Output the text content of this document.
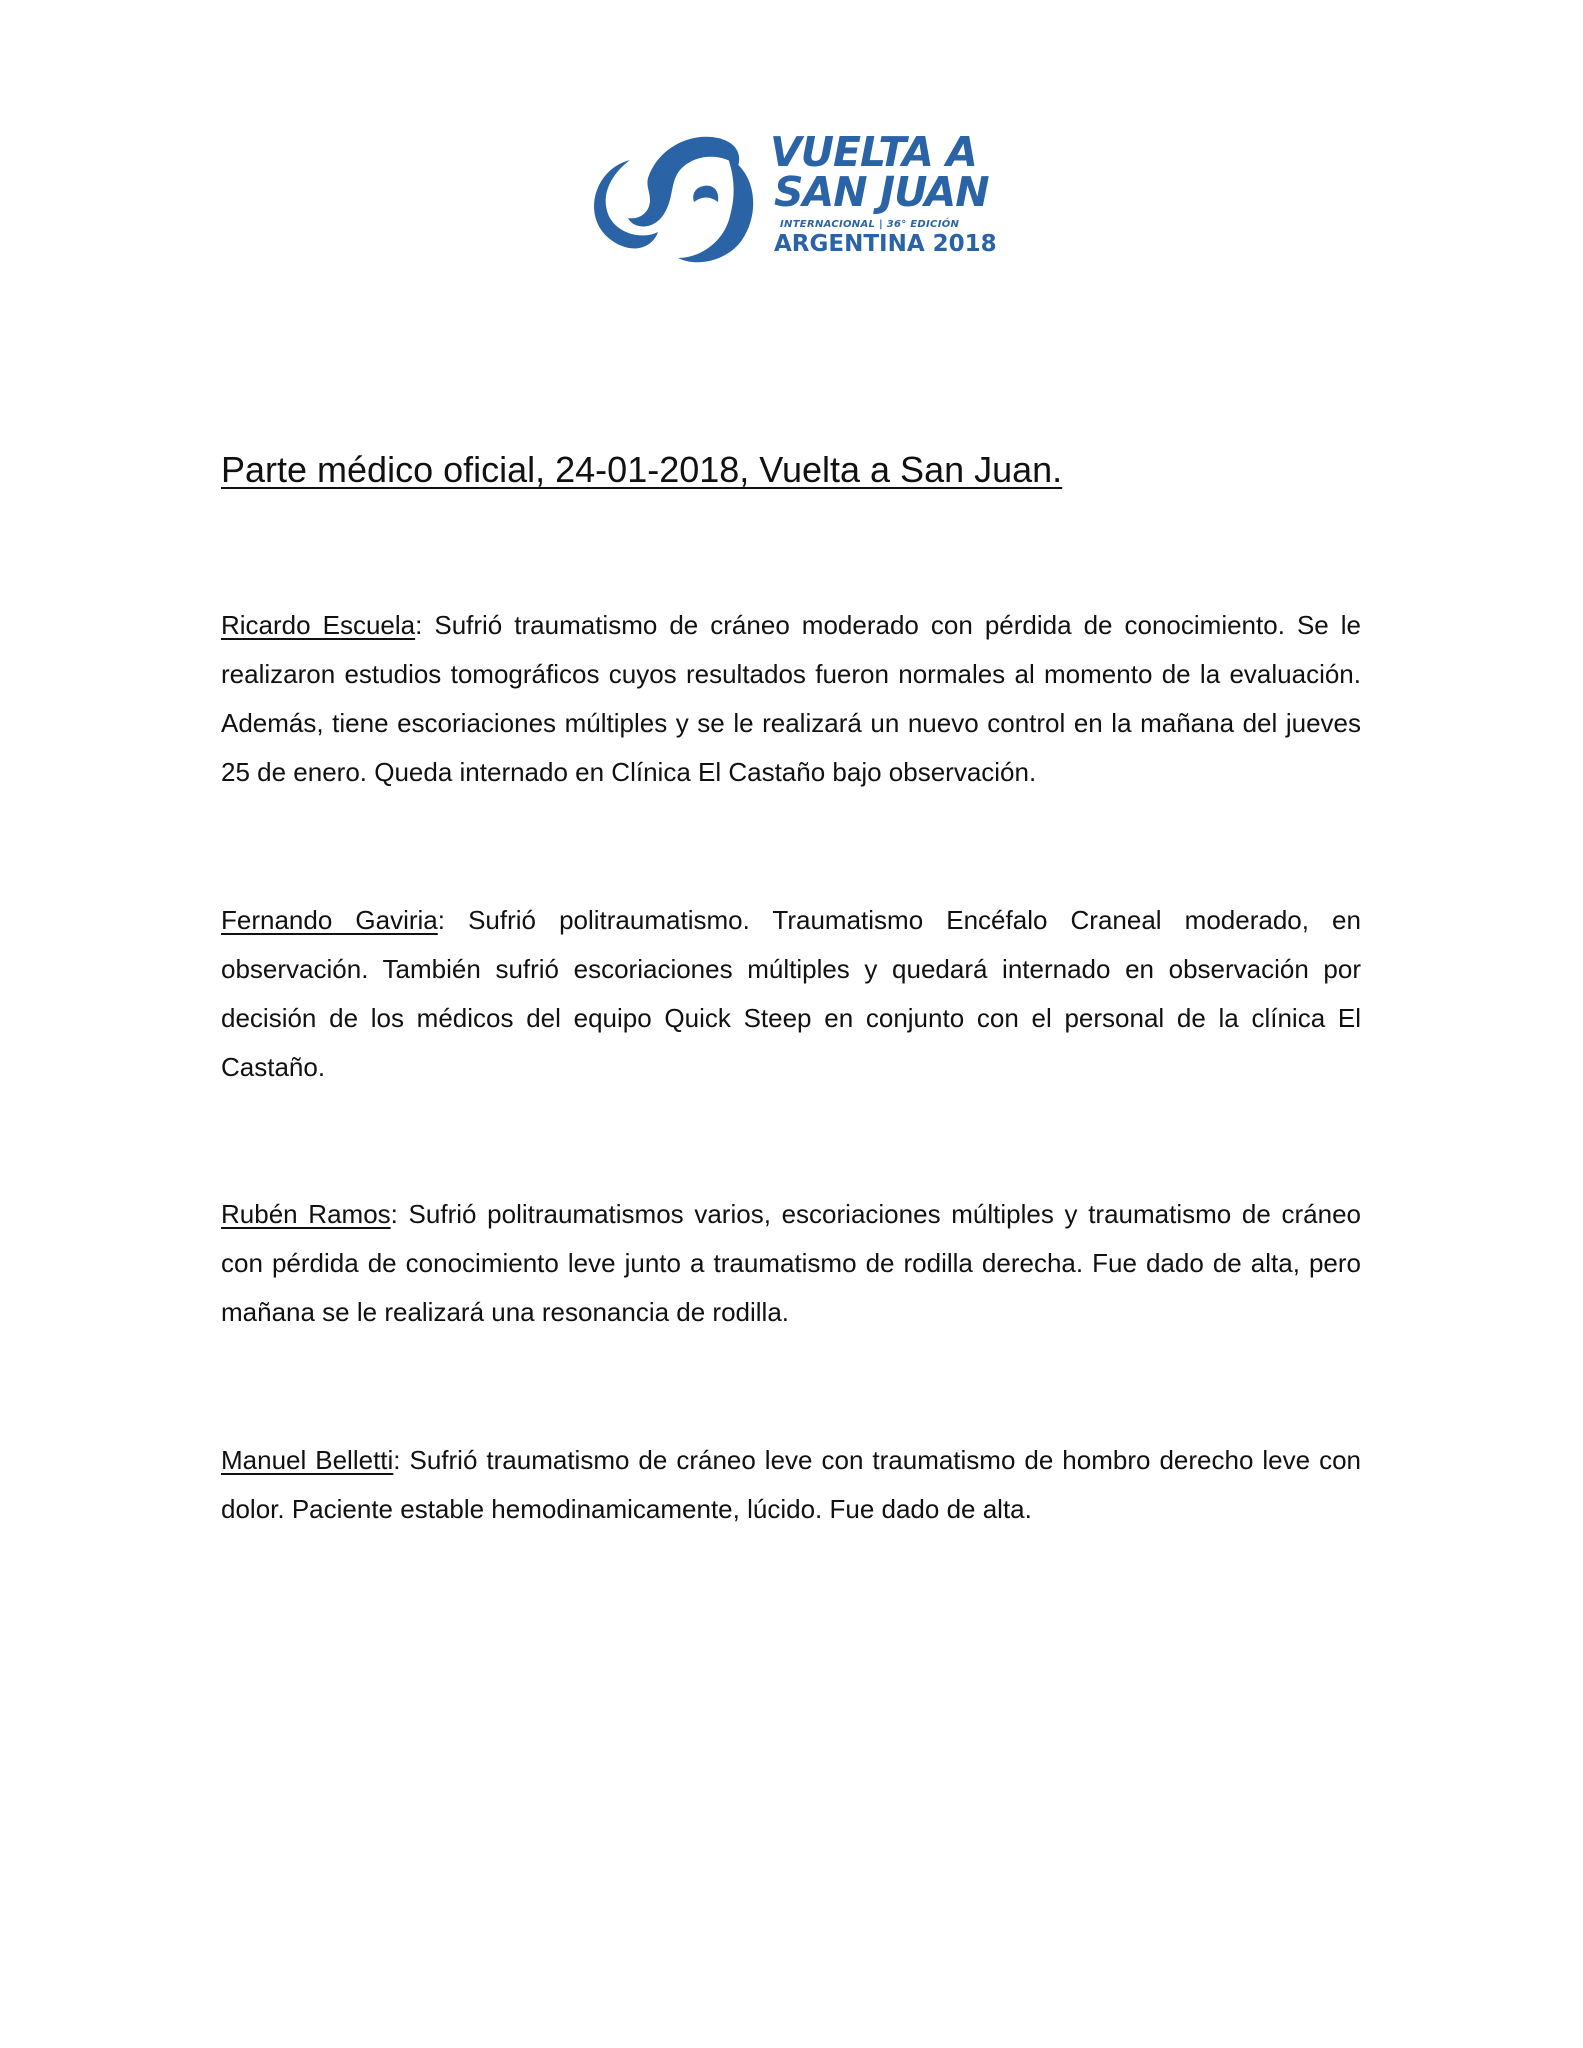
VUELTA A
SAN JUAN
INTERNACIONAL | 36° EDICIÓN
ARGENTINA 2018
Parte médico oficial, 24-01-2018, Vuelta a San Juan.

Ricardo Escuela: Sufrió traumatismo de cráneo moderado con pérdida de conocimiento. Se le realizaron estudios tomográficos cuyos resultados fueron normales al momento de la evaluación. Además, tiene escoriaciones múltiples y se le realizará un nuevo control en la mañana del jueves 25 de enero. Queda internado en Clínica El Castaño bajo observación.

Fernando Gaviria: Sufrió politraumatismo. Traumatismo Encéfalo Craneal moderado, en observación. También sufrió escoriaciones múltiples y quedará internado en observación por decisión de los médicos del equipo Quick Steep en conjunto con el personal de la clínica El Castaño.

Rubén Ramos: Sufrió politraumatismos varios, escoriaciones múltiples y traumatismo de cráneo con pérdida de conocimiento leve junto a traumatismo de rodilla derecha. Fue dado de alta, pero mañana se le realizará una resonancia de rodilla.

Manuel Belletti: Sufrió traumatismo de cráneo leve con traumatismo de hombro derecho leve con dolor. Paciente estable hemodinamicamente, lúcido. Fue dado de alta.
